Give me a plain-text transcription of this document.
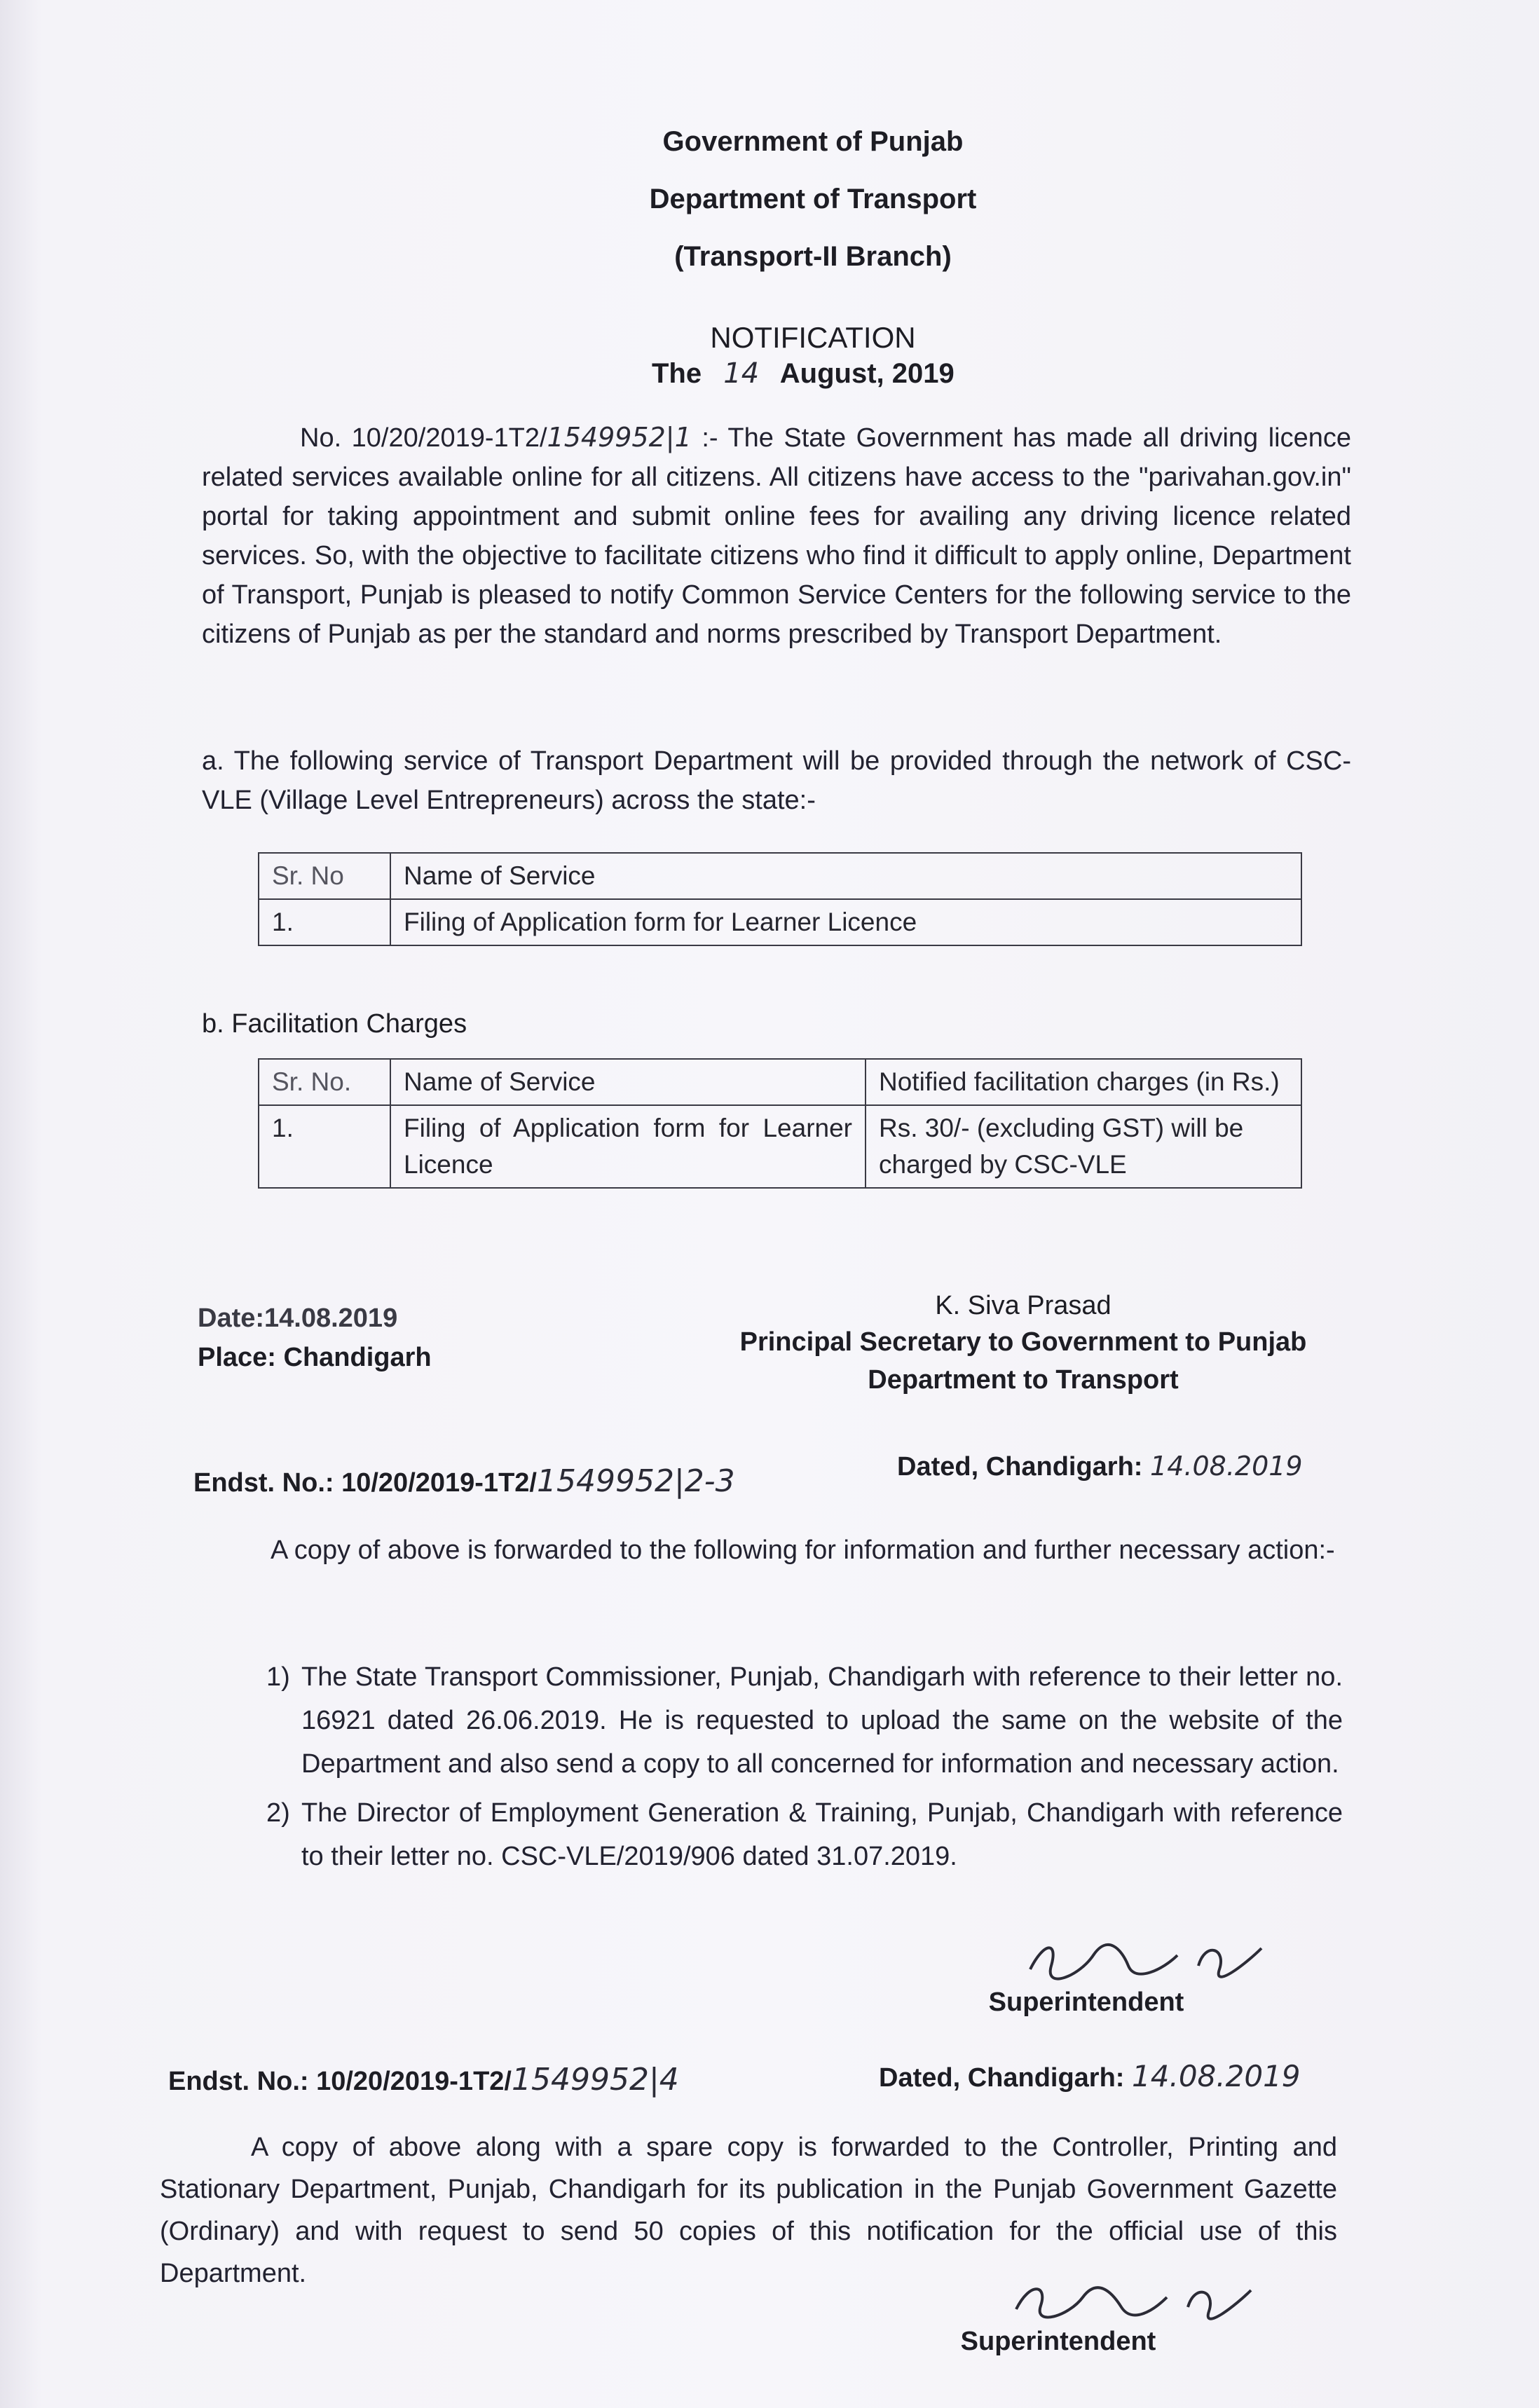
Government of Punjab
Department of Transport
(Transport-II Branch)
NOTIFICATION
The 14 August, 2019

No. 10/20/2019-1T2/1549952|1 :- The State Government has made all driving licence related services available online for all citizens. All citizens have access to the "parivahan.gov.in" portal for taking appointment and submit online fees for availing any driving licence related services. So, with the objective to facilitate citizens who find it difficult to apply online, Department of Transport, Punjab is pleased to notify Common Service Centers for the following service to the citizens of Punjab as per the standard and norms prescribed by Transport Department.

a. The following service of Transport Department will be provided through the network of CSC-VLE (Village Level Entrepreneurs) across the state:-

Sr. No	Name of Service
1.	Filing of Application form for Learner Licence
b. Facilitation Charges
Sr. No.	Name of Service	Notified facilitation charges (in Rs.)
1.	Filing of Application form for Learner Licence	Rs. 30/- (excluding GST) will be charged by CSC-VLE
Date:14.08.2019
Place: Chandigarh
K. Siva Prasad
Principal Secretary to Government to Punjab
Department to Transport
Endst. No.: 10/20/2019-1T2/1549952|2-3	Dated, Chandigarh: 14.08.2019

A copy of above is forwarded to the following for information and further necessary action:-

1) The State Transport Commissioner, Punjab, Chandigarh with reference to their letter no. 16921 dated 26.06.2019. He is requested to upload the same on the website of the Department and also send a copy to all concerned for information and necessary action.
2) The Director of Employment Generation & Training, Punjab, Chandigarh with reference to their letter no. CSC-VLE/2019/906 dated 31.07.2019.
Superintendent
Endst. No.: 10/20/2019-1T2/1549952|4	Dated, Chandigarh: 14.08.2019

A copy of above along with a spare copy is forwarded to the Controller, Printing and Stationary Department, Punjab, Chandigarh for its publication in the Punjab Government Gazette (Ordinary) and with request to send 50 copies of this notification for the official use of this Department.

Superintendent
